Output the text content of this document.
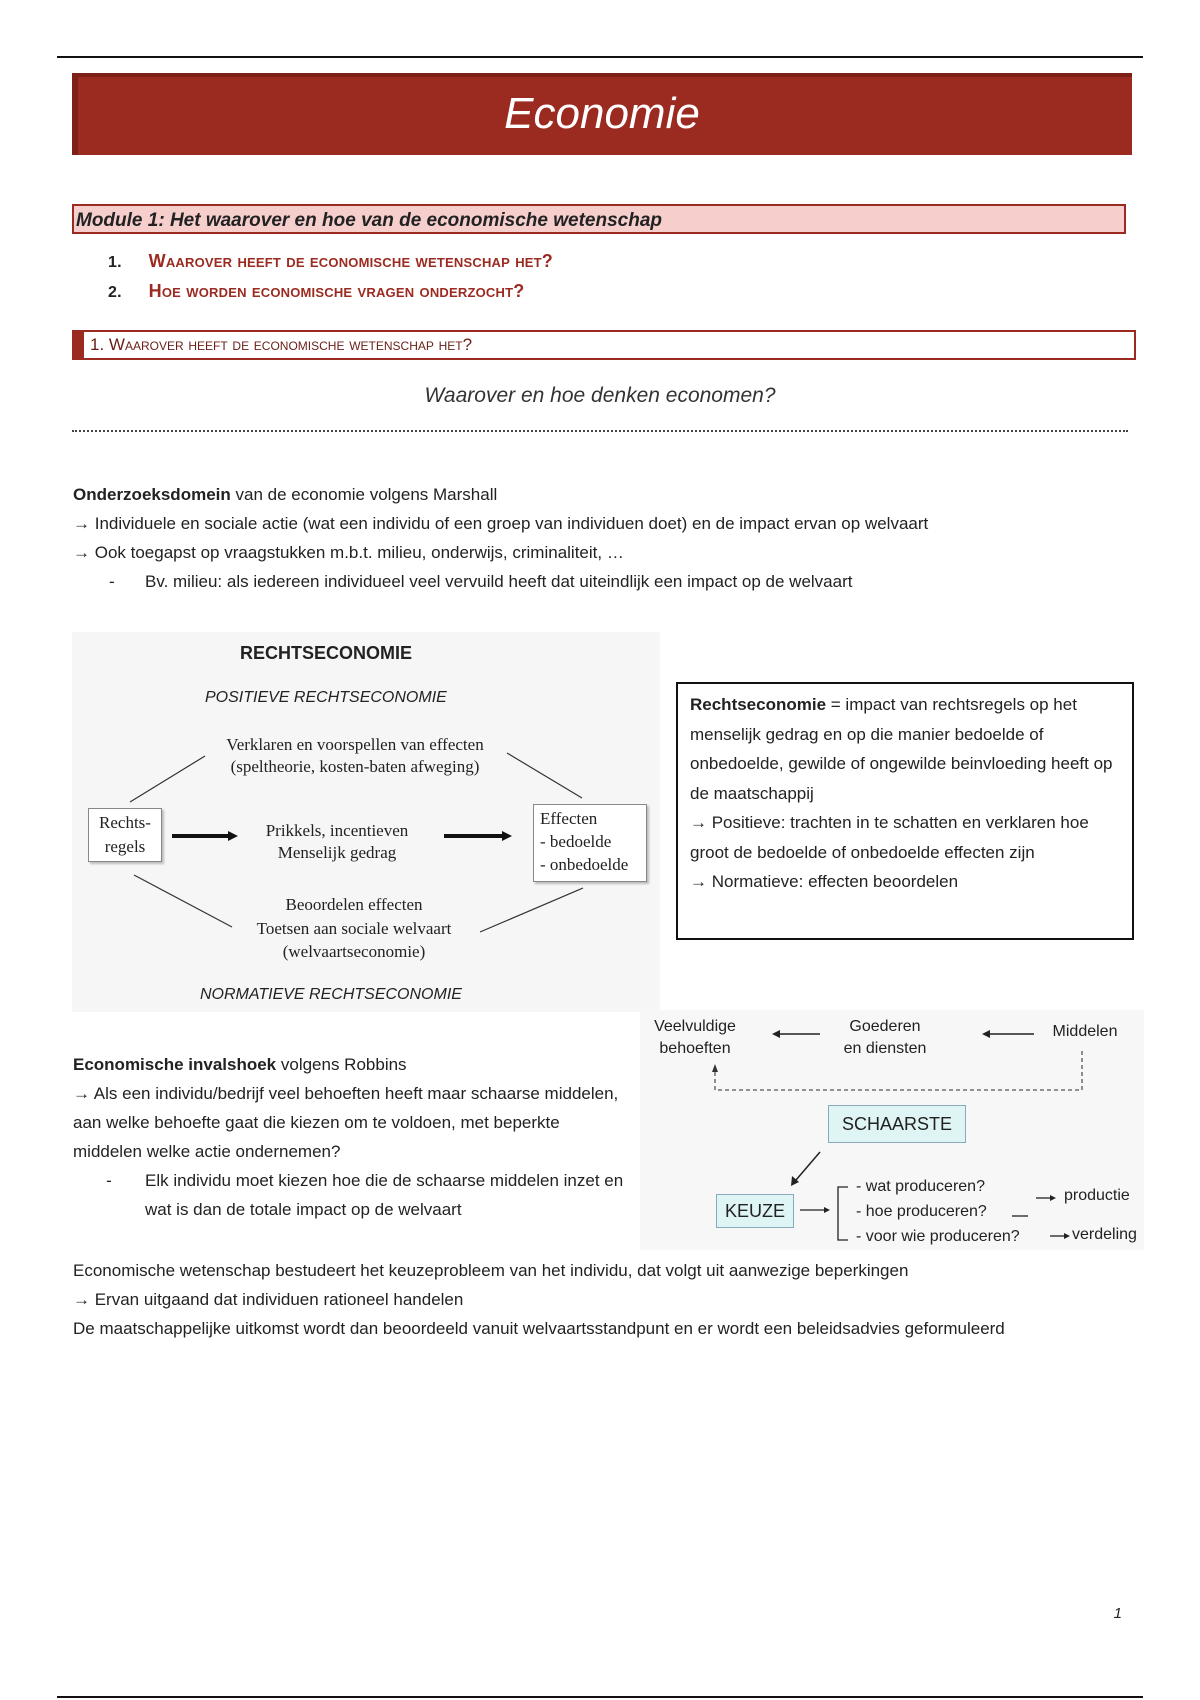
Economie
Module 1: Het waarover en hoe van de economische wetenschap
1. Waarover heeft de economische wetenschap het?
2. Hoe worden economische vragen onderzocht?
1. Waarover heeft de economische wetenschap het?
Waarover en hoe denken economen?
Onderzoeksdomein van de economie volgens Marshall
→ Individuele en sociale actie (wat een individu of een groep van individuen doet) en de impact ervan op welvaart
→ Ook toegapst op vraagstukken m.b.t. milieu, onderwijs, criminaliteit, …
- Bv. milieu: als iedereen individueel veel vervuild heeft dat uiteindlijk een impact op de welvaart
RECHTSECONOMIE
POSITIEVE RECHTSECONOMIE
NORMATIEVE RECHTSECONOMIE
Verklaren en voorspellen van effecten
(speltheorie, kosten-baten afweging)
Rechts-
regels
Prikkels, incentieven
Menselijk gedrag
Effecten
- bedoelde
- onbedoelde
Beoordelen effecten
Toetsen aan sociale welvaart
(welvaartseconomie)
Rechtseconomie = impact van rechtsregels op het menselijk gedrag en op die manier bedoelde of onbedoelde, gewilde of ongewilde beinvloeding heeft op de maatschappij
→ Positieve: trachten in te schatten en verklaren hoe groot de bedoelde of onbedoelde effecten zijn
→ Normatieve: effecten beoordelen
Economische invalshoek volgens Robbins
→ Als een individu/bedrijf veel behoeften heeft maar schaarse middelen, aan welke behoefte gaat die kiezen om te voldoen, met beperkte middelen welke actie ondernemen?
-	Elk individu moet kiezen hoe die de schaarse middelen inzet en wat is dan de totale impact op de welvaart
Veelvuldige
behoeften
Goederen
en diensten
Middelen
SCHAARSTE
KEUZE
- wat produceren?
- hoe produceren?
- voor wie produceren?
productie
verdeling
Economische wetenschap bestudeert het keuzeprobleem van het individu, dat volgt uit aanwezige beperkingen
→ Ervan uitgaand dat individuen rationeel handelen
De maatschappelijke uitkomst wordt dan beoordeeld vanuit welvaartsstandpunt en er wordt een beleidsadvies geformuleerd
1
